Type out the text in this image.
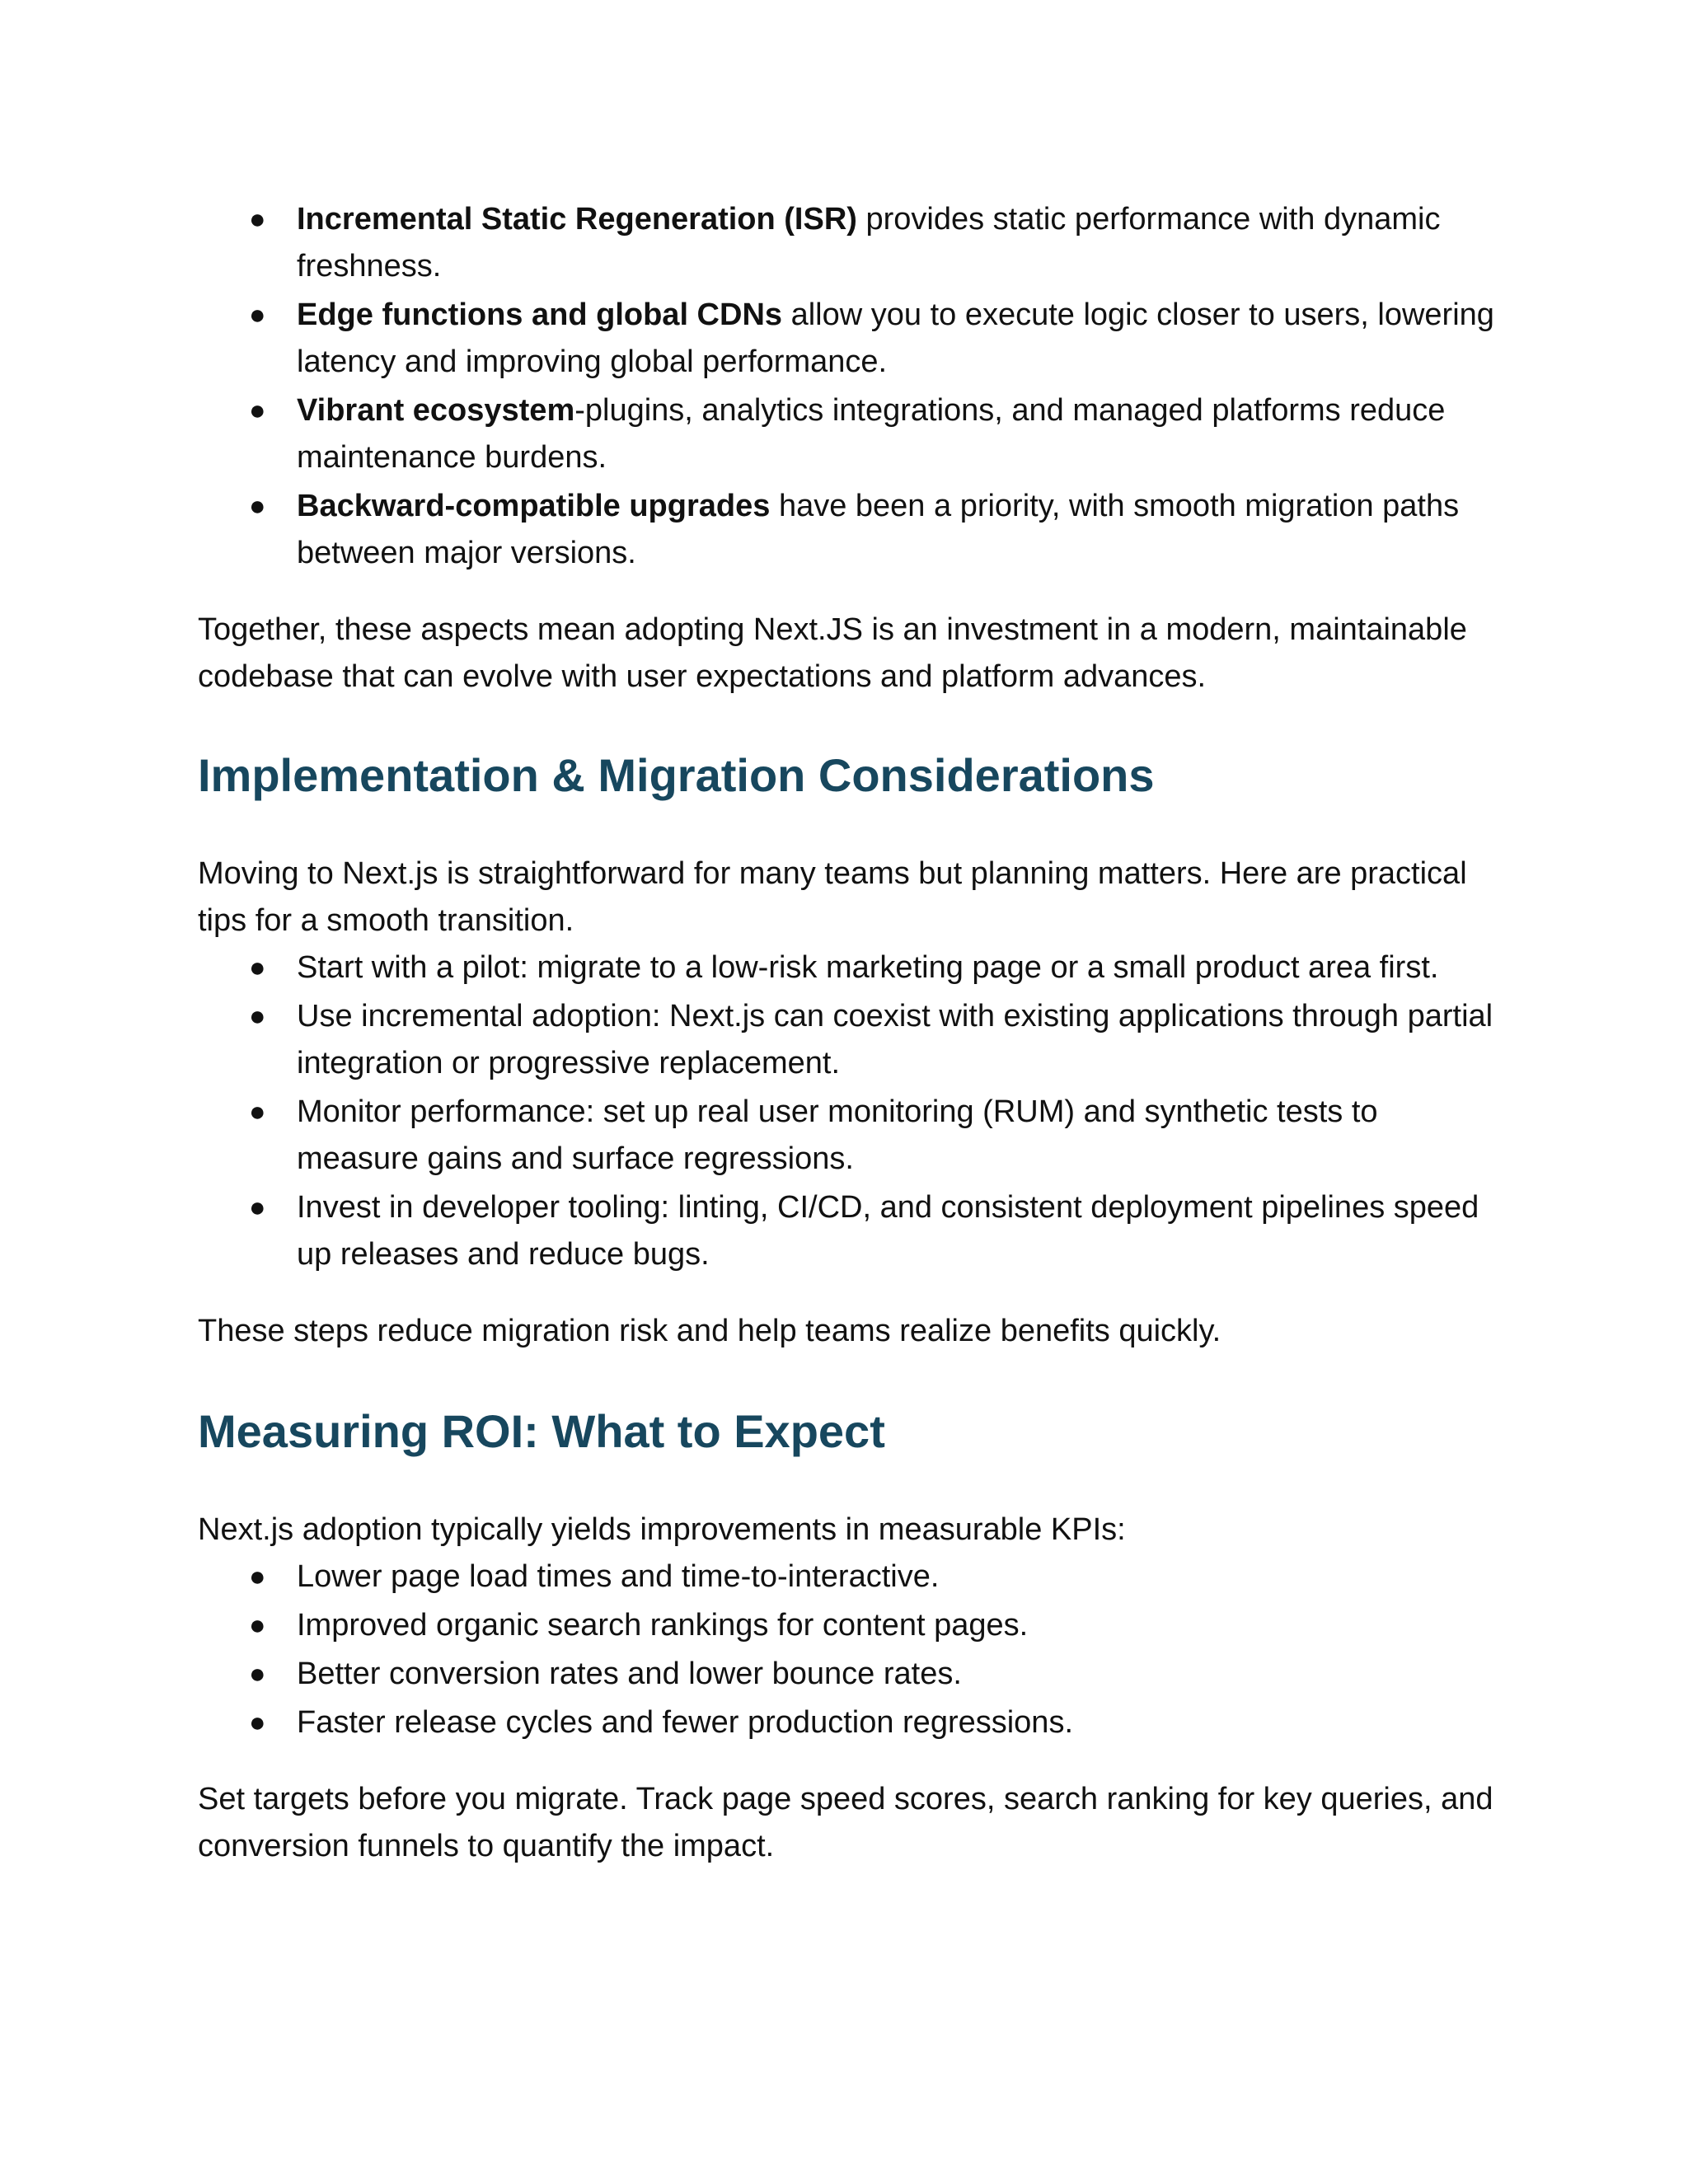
● Incremental Static Regeneration (ISR) provides static performance with dynamic freshness.
● Edge functions and global CDNs allow you to execute logic closer to users, lowering latency and improving global performance.
● Vibrant ecosystem-plugins, analytics integrations, and managed platforms reduce maintenance burdens.
● Backward-compatible upgrades have been a priority, with smooth migration paths between major versions.

Together, these aspects mean adopting Next.JS is an investment in a modern, maintainable codebase that can evolve with user expectations and platform advances.

Implementation & Migration Considerations

Moving to Next.js is straightforward for many teams but planning matters. Here are practical tips for a smooth transition.

● Start with a pilot: migrate to a low-risk marketing page or a small product area first.
● Use incremental adoption: Next.js can coexist with existing applications through partial integration or progressive replacement.
● Monitor performance: set up real user monitoring (RUM) and synthetic tests to measure gains and surface regressions.
● Invest in developer tooling: linting, CI/CD, and consistent deployment pipelines speed up releases and reduce bugs.

These steps reduce migration risk and help teams realize benefits quickly.

Measuring ROI: What to Expect

Next.js adoption typically yields improvements in measurable KPIs:

● Lower page load times and time-to-interactive.
● Improved organic search rankings for content pages.
● Better conversion rates and lower bounce rates.
● Faster release cycles and fewer production regressions.

Set targets before you migrate. Track page speed scores, search ranking for key queries, and conversion funnels to quantify the impact.
